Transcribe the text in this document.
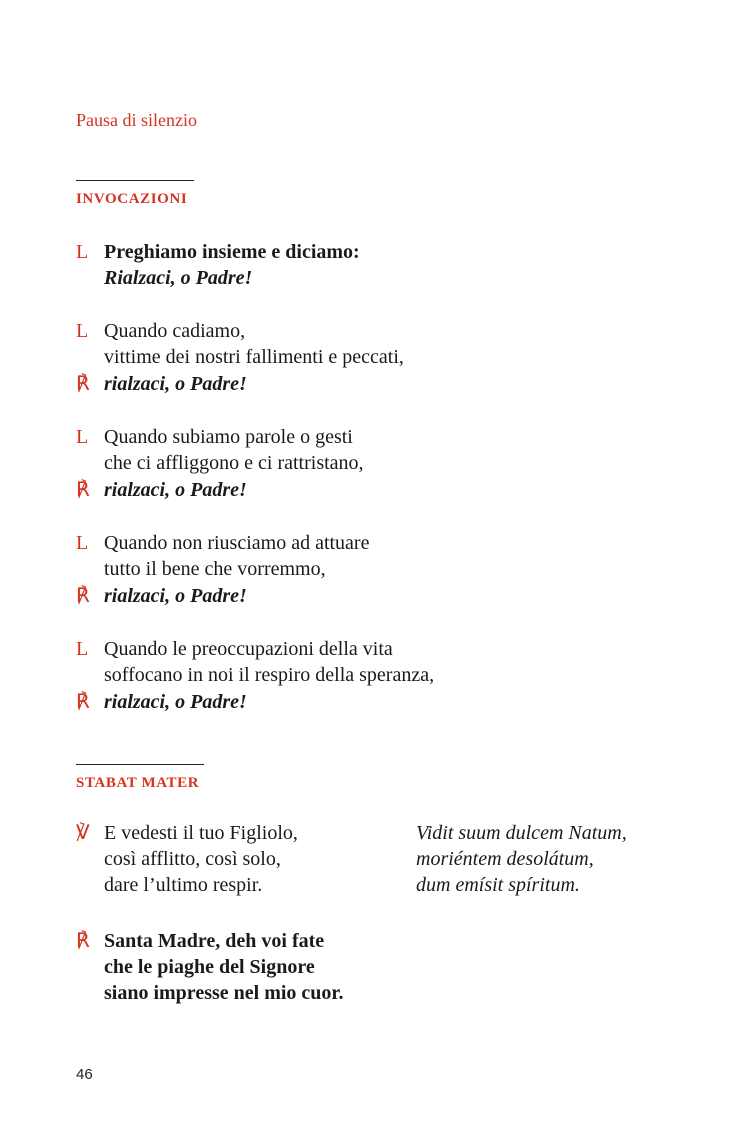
Pausa di silenzio
INVOCAZIONI
L Preghiamo insieme e diciamo:
Rialzaci, o Padre!
L Quando cadiamo,
vittime dei nostri fallimenti e peccati,
℟ rialzaci, o Padre!
L Quando subiamo parole o gesti
che ci affliggono e ci rattristano,
℟ rialzaci, o Padre!
L Quando non riusciamo ad attuare
tutto il bene che vorremmo,
℟ rialzaci, o Padre!
L Quando le preoccupazioni della vita
soffocano in noi il respiro della speranza,
℟ rialzaci, o Padre!
STABAT MATER
℣ E vedesti il tuo Figliolo,
così afflitto, così solo,
dare l’ultimo respir.
Vidit suum dulcem Natum,
moriéntem desolátum,
dum emísit spíritum.
℟ Santa Madre, deh voi fate
che le piaghe del Signore
siano impresse nel mio cuor.
46
